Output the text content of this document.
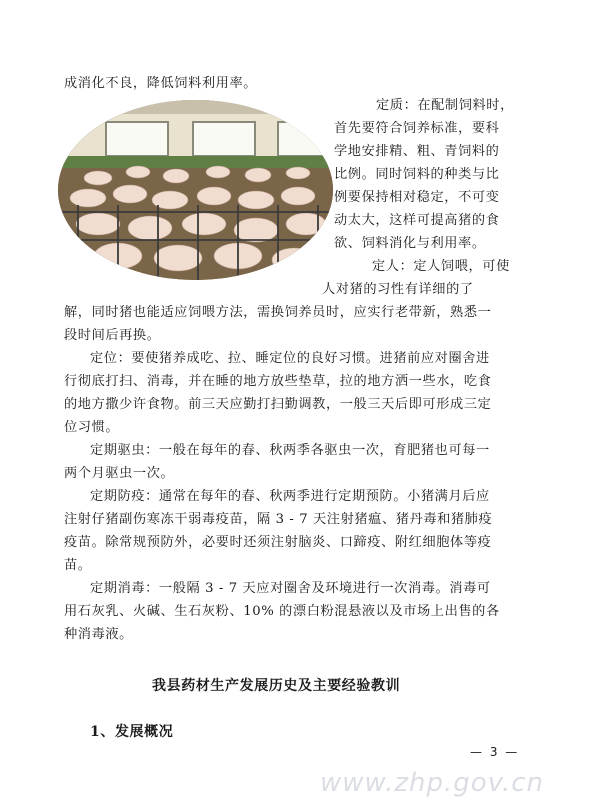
成消化不良，降低饲料利用率。
定质：在配制饲料时，
首先要符合饲养标准，要科
学地安排精、粗、青饲料的
比例。同时饲料的种类与比
例要保持相对稳定，不可变
动太大，这样可提高猪的食
欲、饲料消化与利用率。
定人：定人饲喂，可使
人对猪的习性有详细的了
解，同时猪也能适应饲喂方法，需换饲养员时，应实行老带新，熟悉一
段时间后再换。
定位：要使猪养成吃、拉、睡定位的良好习惯。进猪前应对圈舍进
行彻底打扫、消毒，并在睡的地方放些垫草，拉的地方洒一些水，吃食
的地方撒少许食物。前三天应勤打扫勤调教，一般三天后即可形成三定
位习惯。
定期驱虫：一般在每年的春、秋两季各驱虫一次，育肥猪也可每一
两个月驱虫一次。
定期防疫：通常在每年的春、秋两季进行定期预防。小猪满月后应
注射仔猪副伤寒冻干弱毒疫苗，隔 3 - 7 天注射猪瘟、猪丹毒和猪肺疫
疫苗。除常规预防外，必要时还须注射脑炎、口蹄疫、附红细胞体等疫
苗。
定期消毒：一般隔 3 - 7 天应对圈舍及环境进行一次消毒。消毒可
用石灰乳、火碱、生石灰粉、10% 的漂白粉混悬液以及市场上出售的各
种消毒液。
我县药材生产发展历史及主要经验教训
1、发展概况
— 3 —
www.zhp.gov.cn
